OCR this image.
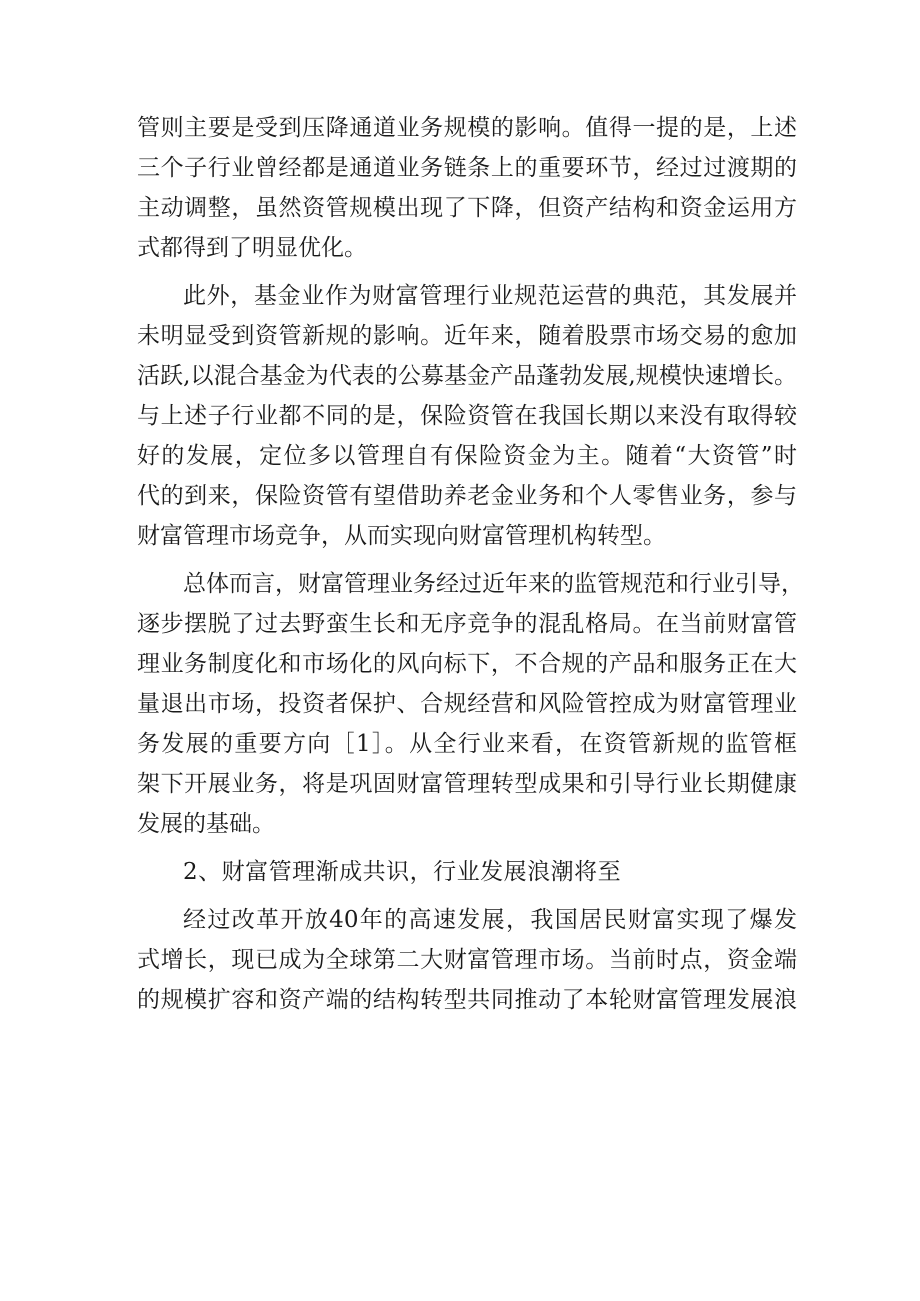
管则主要是受到压降通道业务规模的影响。值得一提的是，上述
三个子行业曾经都是通道业务链条上的重要环节，经过过渡期的
主动调整，虽然资管规模出现了下降，但资产结构和资金运用方
式都得到了明显优化。
此外，基金业作为财富管理行业规范运营的典范，其发展并
未明显受到资管新规的影响。近年来，随着股票市场交易的愈加
活跃,以混合基金为代表的公募基金产品蓬勃发展,规模快速增长。
与上述子行业都不同的是，保险资管在我国长期以来没有取得较
好的发展，定位多以管理自有保险资金为主。随着“大资管”时
代的到来，保险资管有望借助养老金业务和个人零售业务，参与
财富管理市场竞争，从而实现向财富管理机构转型。
总体而言，财富管理业务经过近年来的监管规范和行业引导，
逐步摆脱了过去野蛮生长和无序竞争的混乱格局。在当前财富管
理业务制度化和市场化的风向标下，不合规的产品和服务正在大
量退出市场，投资者保护、合规经营和风险管控成为财富管理业
务发展的重要方向［1］。从全行业来看，在资管新规的监管框
架下开展业务，将是巩固财富管理转型成果和引导行业长期健康
发展的基础。
2、财富管理渐成共识，行业发展浪潮将至
经过改革开放40年的高速发展，我国居民财富实现了爆发
式增长，现已成为全球第二大财富管理市场。当前时点，资金端
的规模扩容和资产端的结构转型共同推动了本轮财富管理发展浪
